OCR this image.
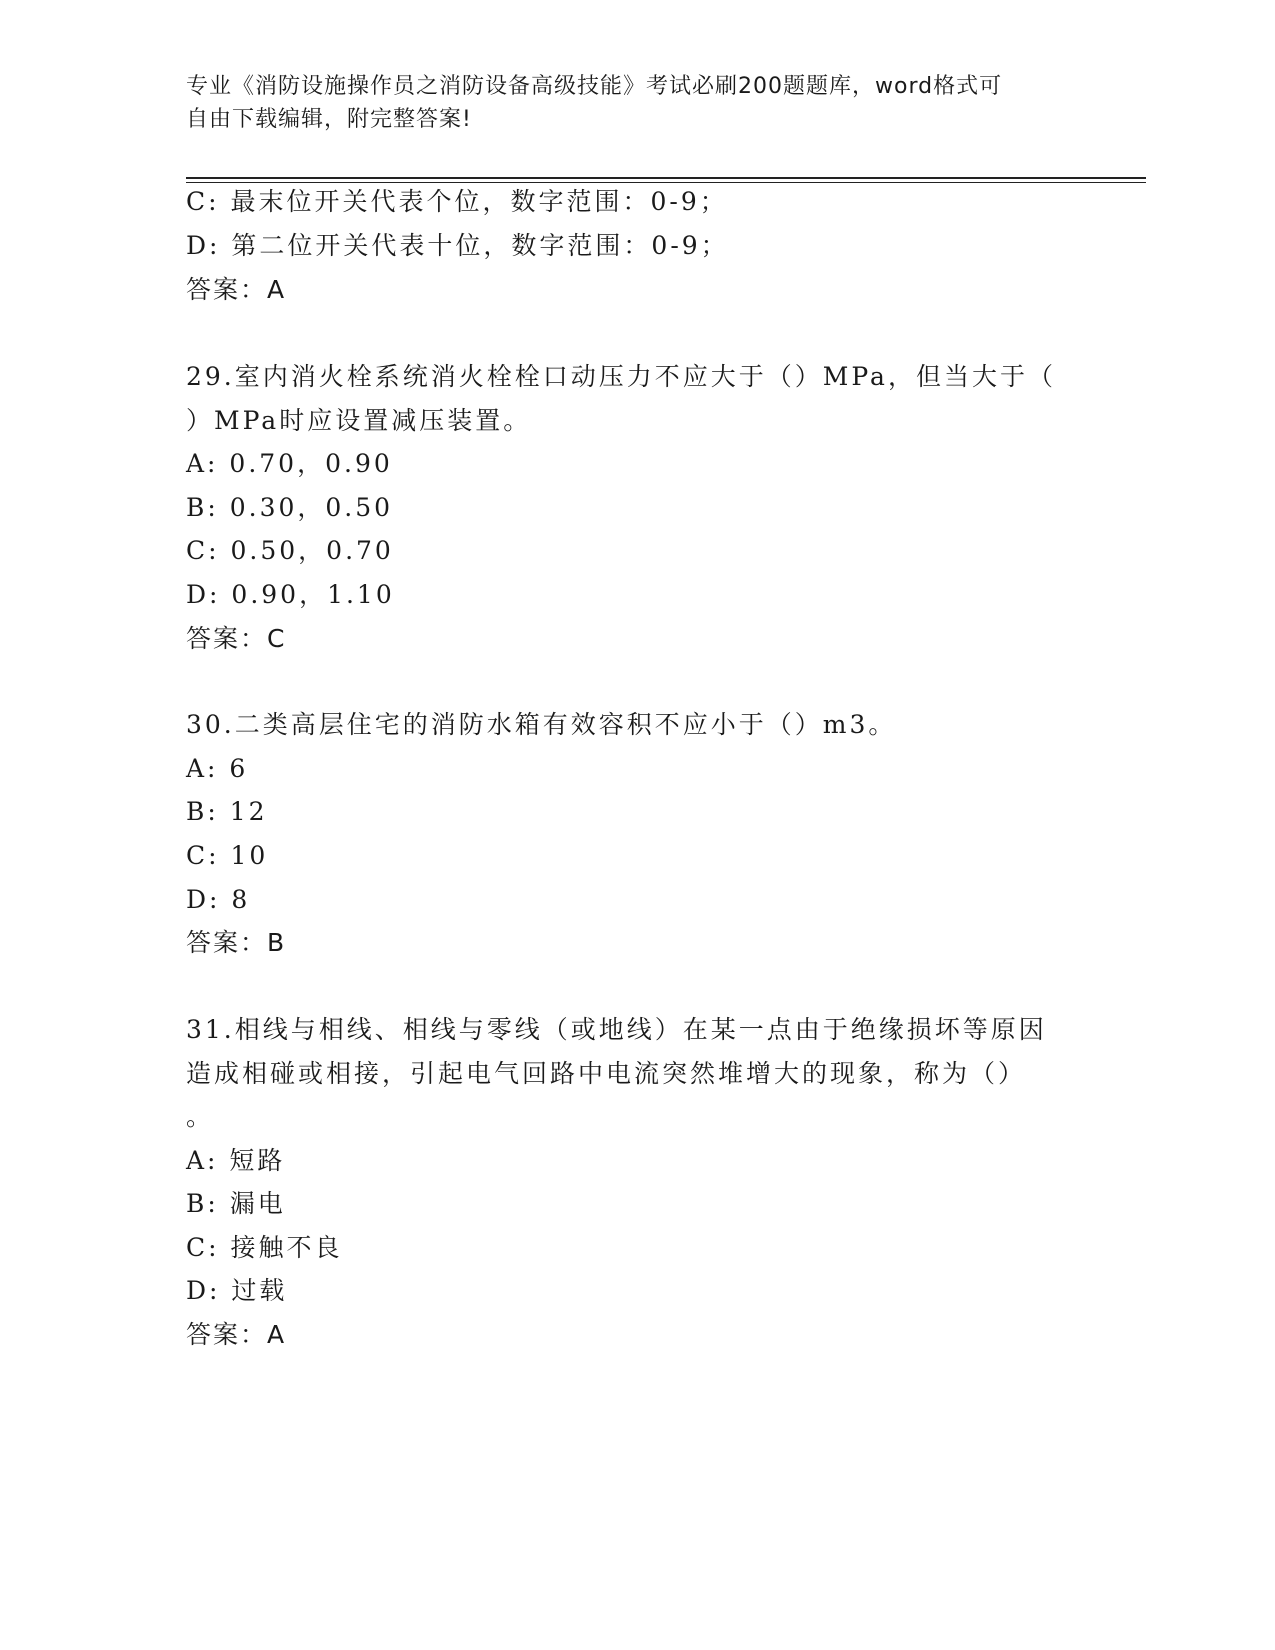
专业《消防设施操作员之消防设备高级技能》考试必刷200题题库，word格式可
自由下载编辑，附完整答案!
C: 最末位开关代表个位，数字范围：0-9；
D: 第二位开关代表十位，数字范围：0-9；
答案：A
29.室内消火栓系统消火栓栓口动压力不应大于（）MPa，但当大于（
）MPa时应设置减压装置。
A: 0.70，0.90
B: 0.30，0.50
C: 0.50，0.70
D: 0.90，1.10
答案：C
30.二类高层住宅的消防水箱有效容积不应小于（）m3。
A: 6
B: 12
C: 10
D: 8
答案：B
31.相线与相线、相线与零线（或地线）在某一点由于绝缘损坏等原因
造成相碰或相接，引起电气回路中电流突然堆增大的现象，称为（）
。
A: 短路
B: 漏电
C: 接触不良
D: 过载
答案：A
